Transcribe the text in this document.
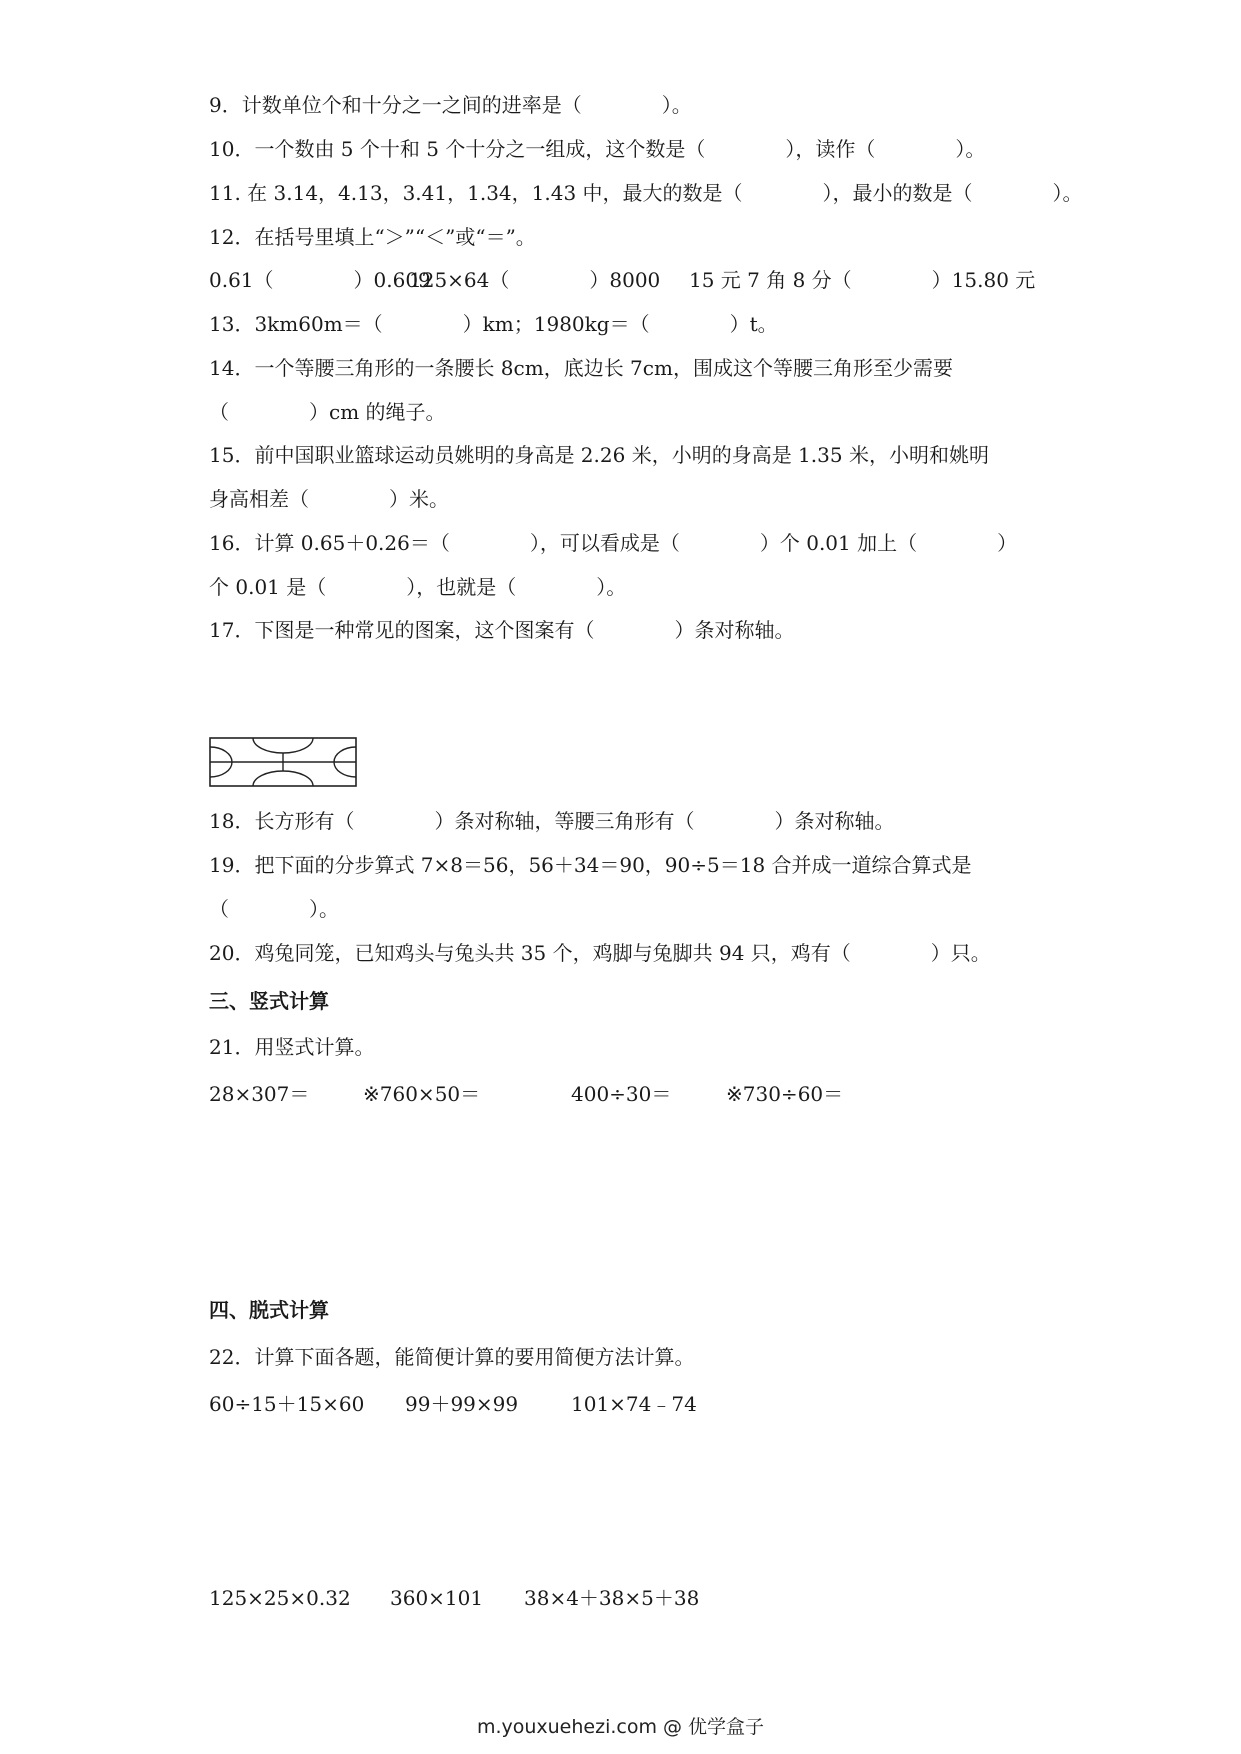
9．计数单位个和十分之一之间的进率是（　　　　）。
10．一个数由 5 个十和 5 个十分之一组成，这个数是（　　　　），读作（　　　　）。
11. 在 3.14，4.13，3.41，1.34，1.43 中，最大的数是（　　　　），最小的数是（　　　　）。
12．在括号里填上“＞”“＜”或“＝”。

0.61（　　　　）0.609

125×64（　　　　）8000

15 元 7 角 8 分（　　　　）15.80 元

13．3km60m＝（　　　　）km；1980kg＝（　　　　）t。
14．一个等腰三角形的一条腰长 8cm，底边长 7cm，围成这个等腰三角形至少需要
（　　　　）cm 的绳子。
15．前中国职业篮球运动员姚明的身高是 2.26 米，小明的身高是 1.35 米，小明和姚明
身高相差（　　　　）米。
16．计算 0.65＋0.26＝（　　　　），可以看成是（　　　　）个 0.01 加上（　　　　）
个 0.01 是（　　　　），也就是（　　　　）。
17．下图是一种常见的图案，这个图案有（　　　　）条对称轴。
18．长方形有（　　　　）条对称轴，等腰三角形有（　　　　）条对称轴。
19．把下面的分步算式 7×8＝56，56＋34＝90，90÷5＝18 合并成一道综合算式是
（　　　　）。
20．鸡兔同笼，已知鸡头与兔头共 35 个，鸡脚与兔脚共 94 只，鸡有（　　　　）只。
三、竖式计算
21．用竖式计算。

28×307＝

	※760×50＝

	400÷30＝

	※730÷60＝

四、脱式计算
22．计算下面各题，能简便计算的要用简便方法计算。

60÷15＋15×60

99＋99×99

	101×74﹣74

125×25×0.32

360×101

38×4＋38×5＋38

m.youxuehezi.com @ 优学盒子
